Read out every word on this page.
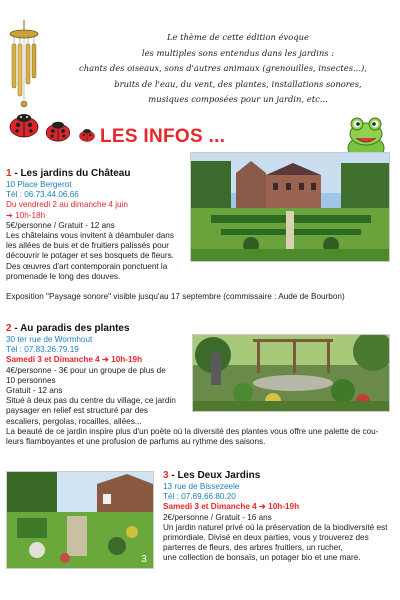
Le thème de cette édition évoque
les multiples sons entendus dans les jardins :
chants des oiseaux, sons d'autres animaux (grenouilles, insectes...),
bruits de l'eau, du vent, des plantes, installations sonores,
musiques composées pour un jardin, etc...
LES INFOS ...
1 - Les jardins du Château
10 Place Bergerot
Tél : 06.73.44.06.66
Du vendredi 2 au dimanche 4 juin
➔ 10h-18h
5€/personne / Gratuit - 12 ans
Les châtelains vous invitent à déambuler dans
les allées de buis et de fruitiers palissés pour
découvrir le potager et ses bosquets de fleurs.
Des œuvres d'art contemporain ponctuent la
promenade le long des douves.
Exposition "Paysage sonore" visible jusqu'au 17 septembre (commissaire : Aude de Bourbon)
2 - Au paradis des plantes
30 ter rue de Wormhout
Tél : 07.83.26.79.19
Samedi 3 et Dimanche 4 ➔ 10h-19h
4€/personne - 3€ pour un groupe de plus de
10 personnes
Gratuit - 12 ans
Situé à deux pas du centre du village, ce jardin
paysager en relief est structuré par des
escaliers, pergolas, rocailles, allées...
La beauté de ce jardin inspire plus d'un poète où la diversité des plantes vous offre une palette de cou-
leurs flamboyantes et une profusion de parfums au rythme des saisons.
3
3 - Les Deux Jardins
13 rue de Bissezeele
Tél : 07.69.66.80.20
Samedi 3 et Dimanche 4 ➔ 10h-19h
2€/personne / Gratuit - 16 ans
Un jardin naturel privé où la préservation de la biodiversité est
primordiale. Divisé en deux parties, vous y trouverez des
parterres de fleurs, des arbres fruitiers, un rucher,
une collection de bonsaïs, un potager bio et une mare.
